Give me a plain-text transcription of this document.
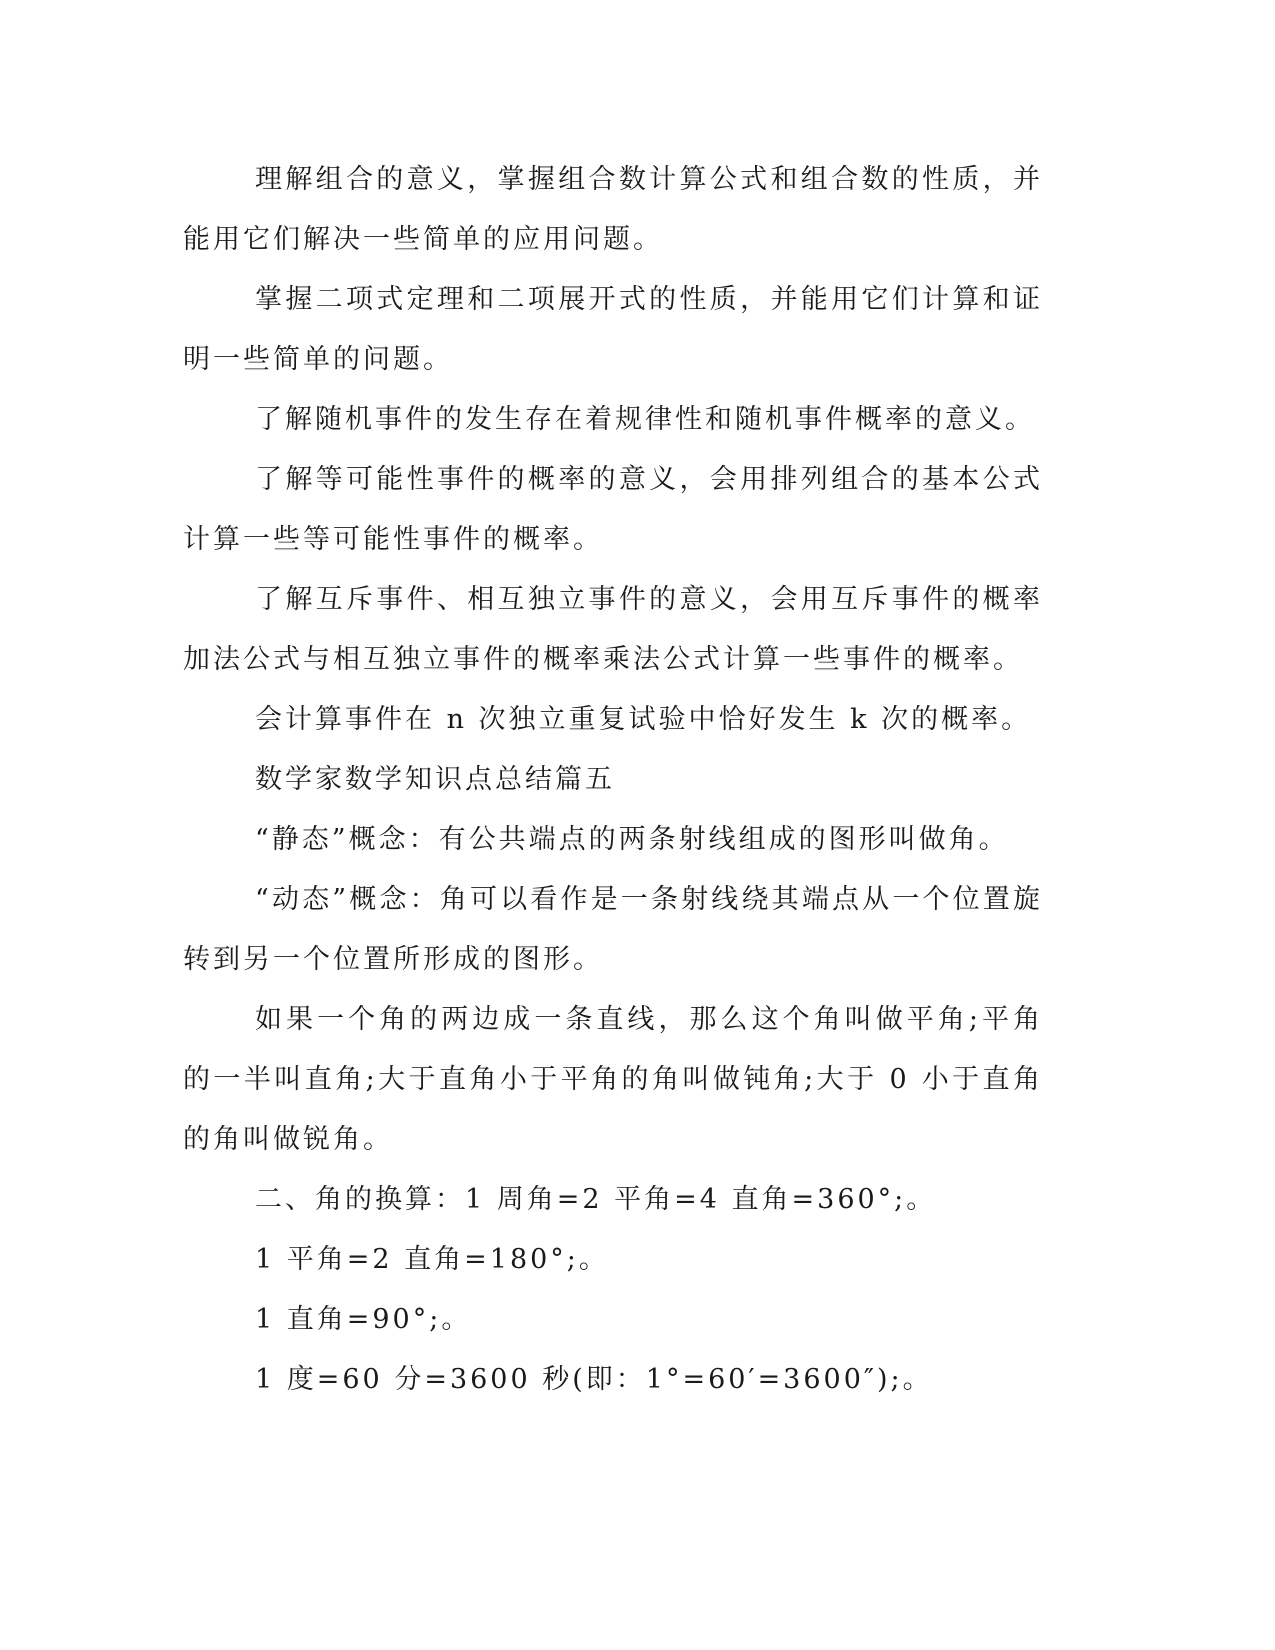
理解组合的意义，掌握组合数计算公式和组合数的性质，并能用它们解决一些简单的应用问题。

掌握二项式定理和二项展开式的性质，并能用它们计算和证明一些简单的问题。

了解随机事件的发生存在着规律性和随机事件概率的意义。

了解等可能性事件的概率的意义，会用排列组合的基本公式计算一些等可能性事件的概率。

了解互斥事件、相互独立事件的意义，会用互斥事件的概率加法公式与相互独立事件的概率乘法公式计算一些事件的概率。

会计算事件在 n 次独立重复试验中恰好发生 k 次的概率。

数学家数学知识点总结篇五

“静态”概念：有公共端点的两条射线组成的图形叫做角。

“动态”概念：角可以看作是一条射线绕其端点从一个位置旋转到另一个位置所形成的图形。

如果一个角的两边成一条直线，那么这个角叫做平角;平角的一半叫直角;大于直角小于平角的角叫做钝角;大于 0 小于直角的角叫做锐角。

二、角的换算：1 周角=2 平角=4 直角=360°;。

1 平角=2 直角=180°;。

1 直角=90°;。

1 度=60 分=3600 秒(即：1°=60′=3600″);。
